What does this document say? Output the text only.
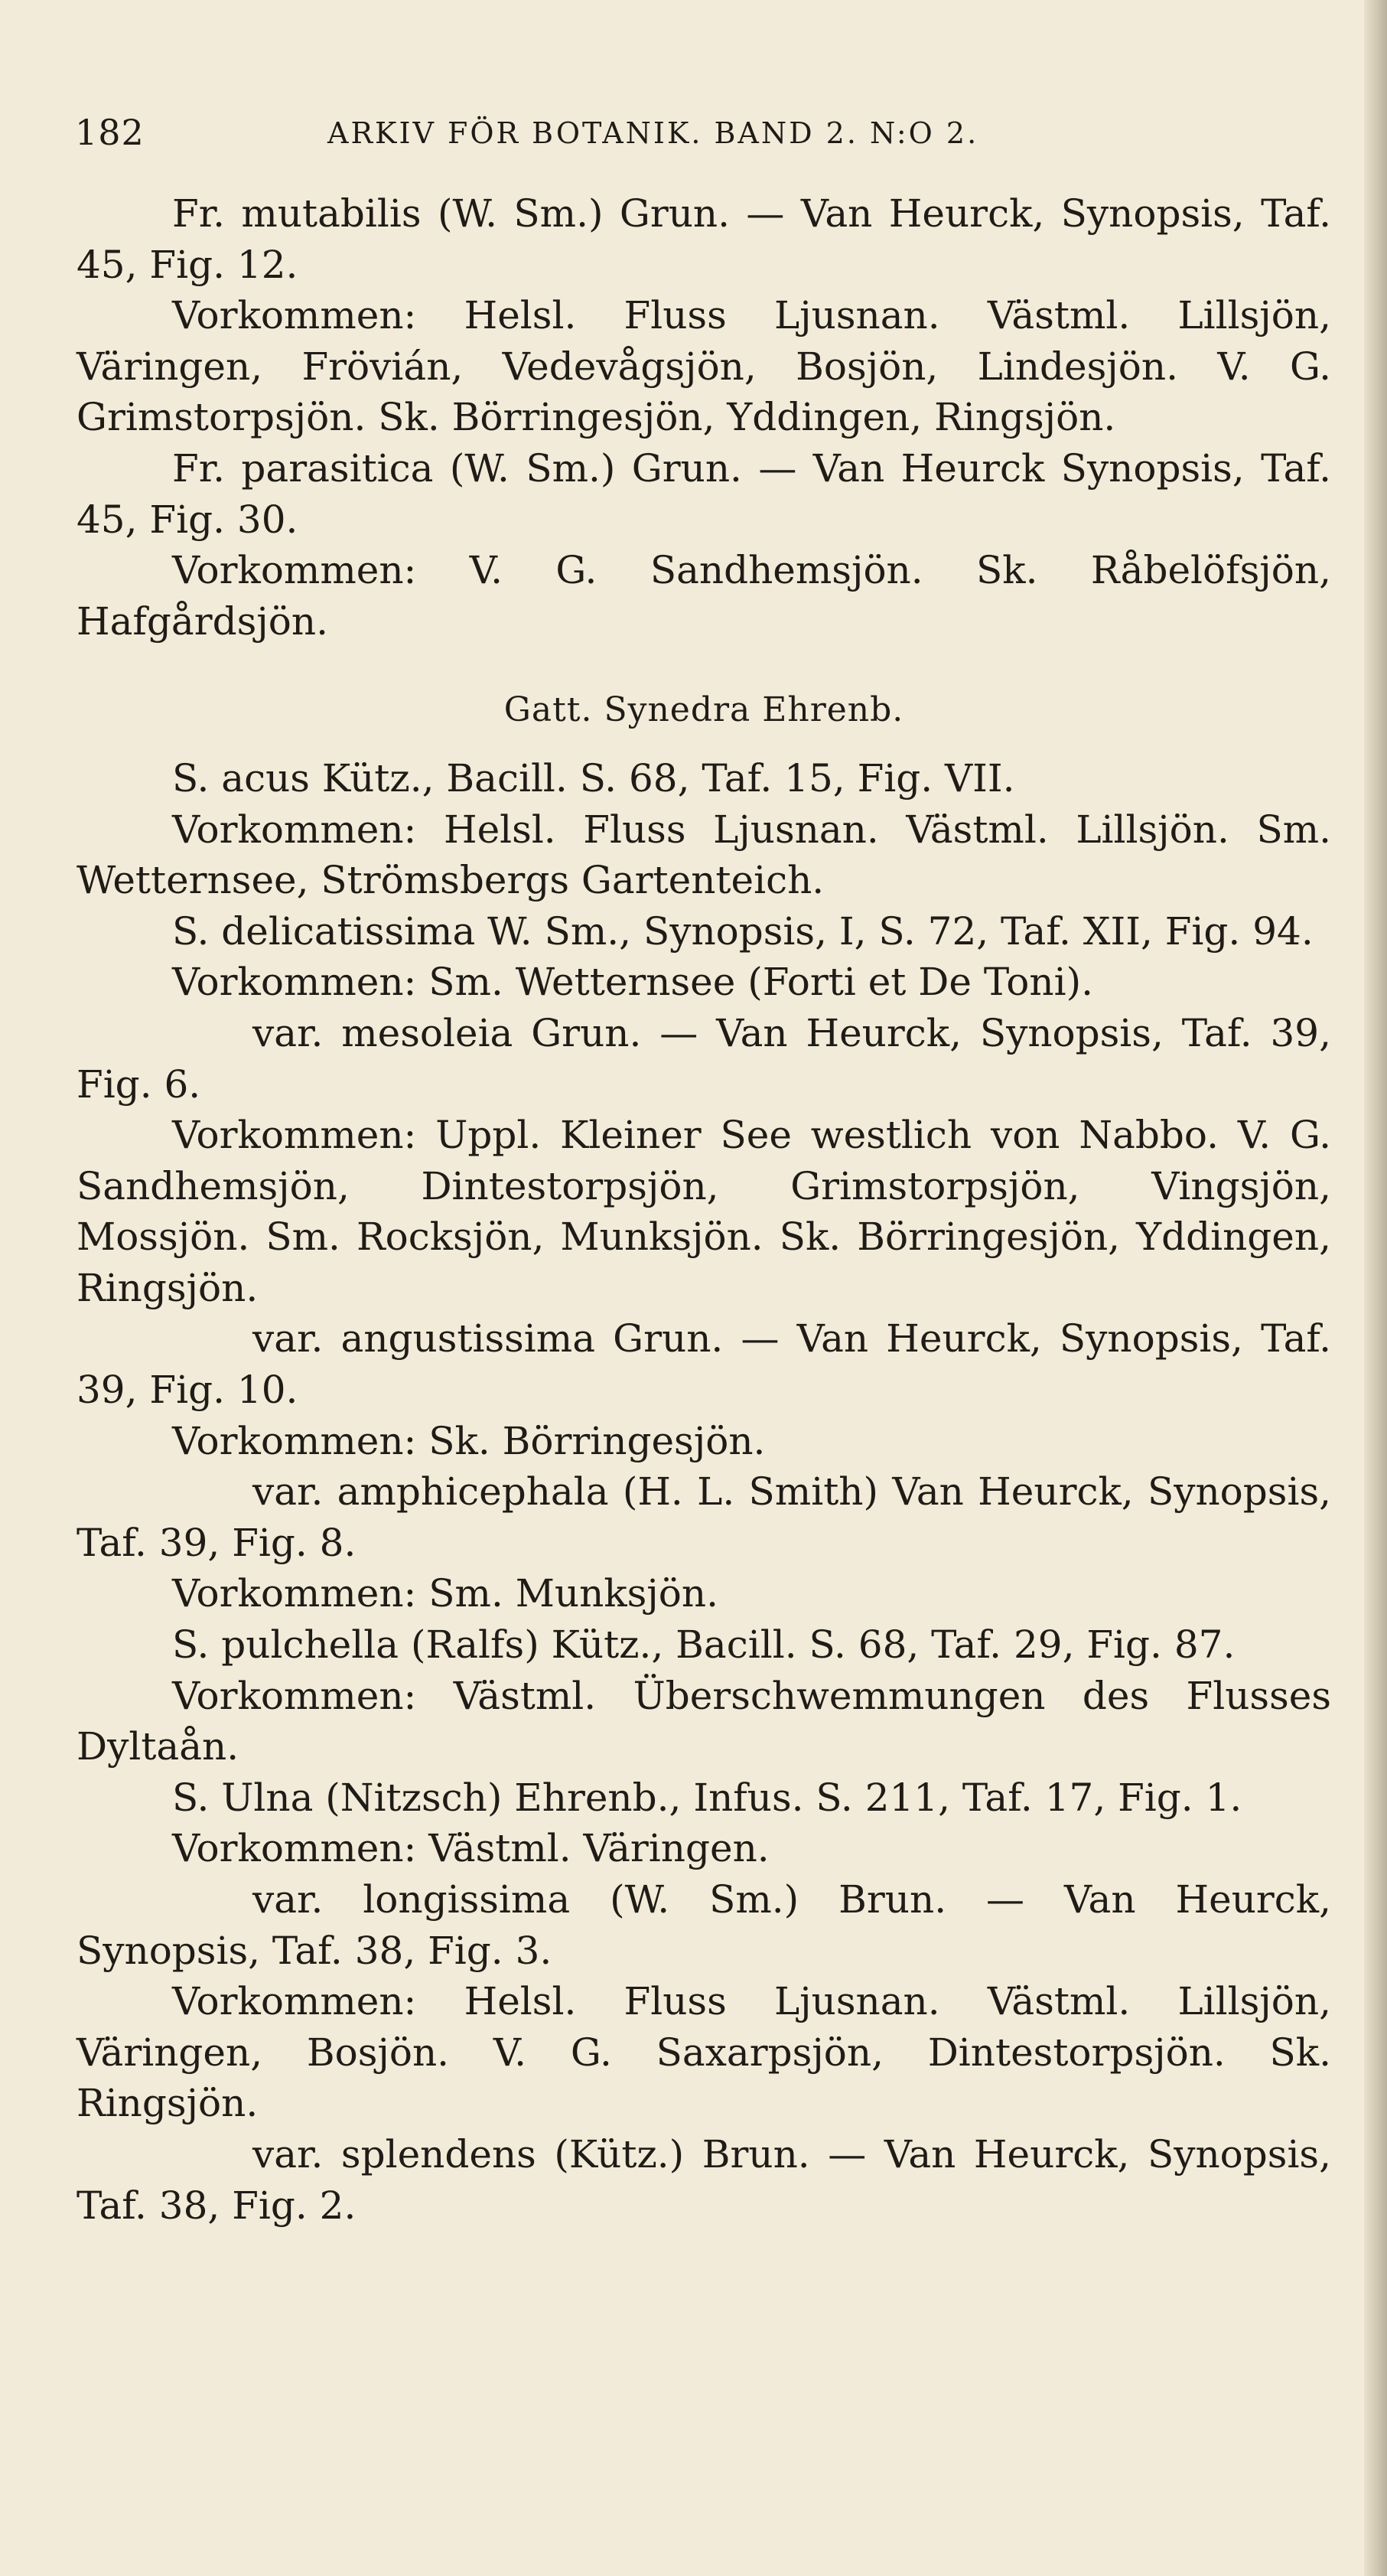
182	ARKIV FÖR BOTANIK. BAND 2. N:O 2.

Fr. mutabilis (W. Sm.) Grun. — Van Heurck, Synopsis, Taf. 45, Fig. 12.

Vorkommen: Helsl. Fluss Ljusnan. Västml. Lillsjön, Väringen, Frövián, Vedevågsjön, Bosjön, Lindesjön. V. G. Grimstorpsjön. Sk. Börringesjön, Yddingen, Ringsjön.

Fr. parasitica (W. Sm.) Grun. — Van Heurck Synopsis, Taf. 45, Fig. 30.

Vorkommen: V. G. Sandhemsjön. Sk. Råbelöfsjön, Hafgårdsjön.

Gatt. Synedra Ehrenb.

S. acus Kütz., Bacill. S. 68, Taf. 15, Fig. VII.

Vorkommen: Helsl. Fluss Ljusnan. Västml. Lillsjön. Sm. Wetternsee, Strömsbergs Gartenteich.

S. delicatissima W. Sm., Synopsis, I, S. 72, Taf. XII, Fig. 94.

Vorkommen: Sm. Wetternsee (Forti et De Toni).

var. mesoleia Grun. — Van Heurck, Synopsis, Taf. 39, Fig. 6.

Vorkommen: Uppl. Kleiner See westlich von Nabbo. V. G. Sandhemsjön, Dintestorpsjön, Grimstorpsjön, Vingsjön, Mossjön. Sm. Rocksjön, Munksjön. Sk. Börringesjön, Yddingen, Ringsjön.

var. angustissima Grun. — Van Heurck, Synopsis, Taf. 39, Fig. 10.

Vorkommen: Sk. Börringesjön.

var. amphicephala (H. L. Smith) Van Heurck, Synopsis, Taf. 39, Fig. 8.

Vorkommen: Sm. Munksjön.

S. pulchella (Ralfs) Kütz., Bacill. S. 68, Taf. 29, Fig. 87.

Vorkommen: Västml. Überschwemmungen des Flusses Dyltaån.

S. Ulna (Nitzsch) Ehrenb., Infus. S. 211, Taf. 17, Fig. 1.

Vorkommen: Västml. Väringen.

var. longissima (W. Sm.) Brun. — Van Heurck, Synopsis, Taf. 38, Fig. 3.

Vorkommen: Helsl. Fluss Ljusnan. Västml. Lillsjön, Väringen, Bosjön. V. G. Saxarpsjön, Dintestorpsjön. Sk. Ringsjön.

var. splendens (Kütz.) Brun. — Van Heurck, Synopsis, Taf. 38, Fig. 2.
